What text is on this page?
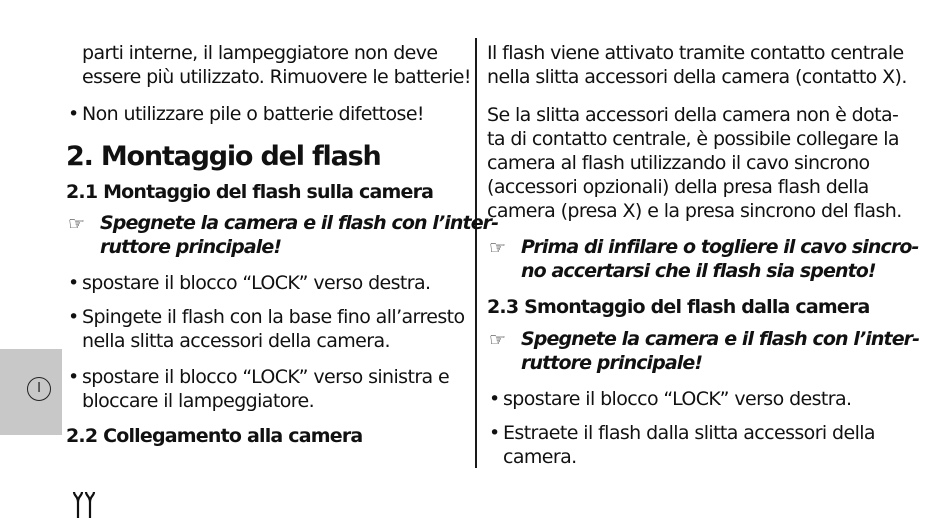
I
parti interne, il lampeggiatore non deve
essere più utilizzato. Rimuovere le batterie!
• Non utilizzare pile o batterie difettose!
2. Montaggio del flash
2.1 Montaggio del flash sulla camera
☞ Spegnete la camera e il flash con l’inter-
ruttore principale!
• spostare il blocco “LOCK” verso destra.
• Spingete il flash con la base fino all’arresto
nella slitta accessori della camera.
• spostare il blocco “LOCK” verso sinistra e
bloccare il lampeggiatore.
2.2 Collegamento alla camera
Il flash viene attivato tramite contatto centrale
nella slitta accessori della camera (contatto X).
Se la slitta accessori della camera non è dota-
ta di contatto centrale, è possibile collegare la
camera al flash utilizzando il cavo sincrono
(accessori opzionali) della presa flash della
camera (presa X) e la presa sincrono del flash.
☞ Prima di infilare o togliere il cavo sincro-
no accertarsi che il flash sia spento!
2.3 Smontaggio del flash dalla camera
☞ Spegnete la camera e il flash con l’inter-
ruttore principale!
• spostare il blocco “LOCK” verso destra.
• Estraete il flash dalla slitta accessori della
camera.
